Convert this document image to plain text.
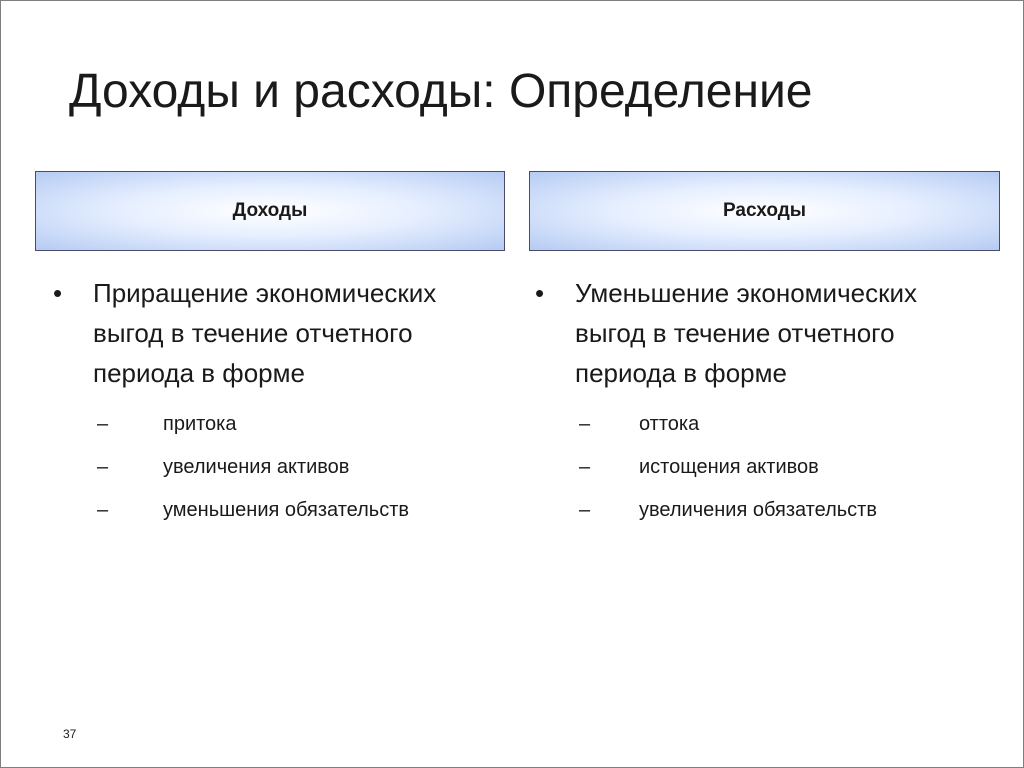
Доходы и расходы: Определение
Доходы	Расходы
• Приращение экономических выгод в течение отчетного периода в форме
–	притока
–	увеличения активов
–	уменьшения обязательств
• Уменьшение экономических выгод в течение отчетного периода в форме
– оттока
– истощения активов
– увеличения обязательств
37
